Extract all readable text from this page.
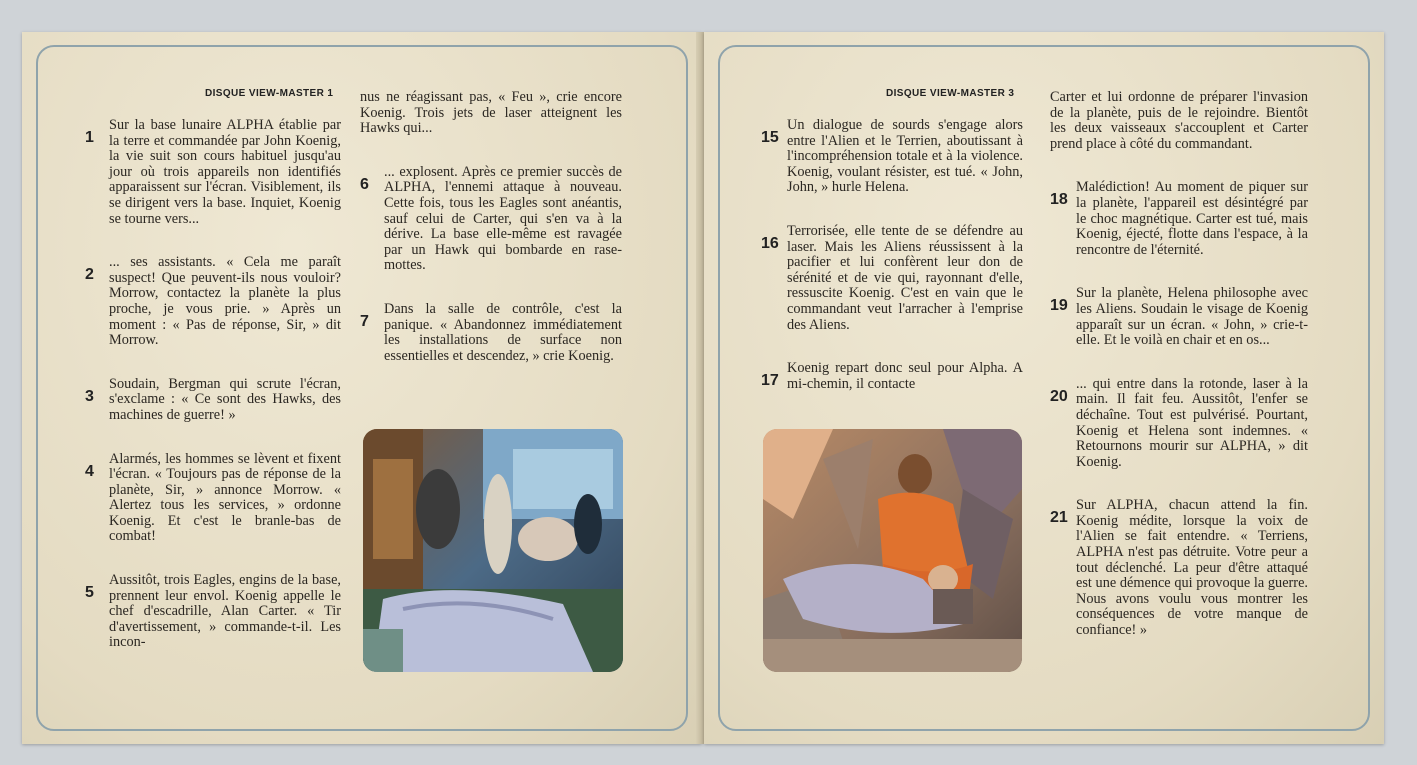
DISQUE VIEW-MASTER 1
1
Sur la base lunaire ALPHA établie par la terre et commandée par John Koenig, la vie suit son cours habituel jusqu'au jour où trois appareils non identifiés apparaissent sur l'écran. Visiblement, ils se dirigent vers la base. Inquiet, Koenig se tourne vers...
2
... ses assistants. « Cela me paraît suspect! Que peuvent-ils nous vouloir? Morrow, contactez la planète la plus proche, je vous prie. » Après un moment : « Pas de réponse, Sir, » dit Morrow.
3
Soudain, Bergman qui scrute l'écran, s'exclame : « Ce sont des Hawks, des machines de guerre! »
4
Alarmés, les hommes se lèvent et fixent l'écran. « Toujours pas de réponse de la planète, Sir, » annonce Morrow. « Alertez tous les services, » ordonne Koenig. Et c'est le branle-bas de combat!
5
Aussitôt, trois Eagles, engins de la base, prennent leur envol. Koenig appelle le chef d'escadrille, Alan Carter. « Tir d'avertissement, » commande-t-il. Les incon-
nus ne réagissant pas, « Feu », crie encore Koenig. Trois jets de laser atteignent les Hawks qui...
6
... explosent. Après ce premier succès de ALPHA, l'ennemi attaque à nouveau. Cette fois, tous les Eagles sont anéantis, sauf celui de Carter, qui s'en va à la dérive. La base elle-même est ravagée par un Hawk qui bombarde en rase-mottes.
7
Dans la salle de contrôle, c'est la panique. « Abandonnez immédiatement les installations de surface non essentielles et descendez, » crie Koenig.
DISQUE VIEW-MASTER 3
15
Un dialogue de sourds s'engage alors entre l'Alien et le Terrien, aboutissant à l'incompréhension totale et à la violence. Koenig, voulant résister, est tué. « John, John, » hurle Helena.
16
Terrorisée, elle tente de se défendre au laser. Mais les Aliens réussissent à la pacifier et lui confèrent leur don de sérénité et de vie qui, rayonnant d'elle, ressuscite Koenig. C'est en vain que le commandant veut l'arracher à l'emprise des Aliens.
17
Koenig repart donc seul pour Alpha. A mi-chemin, il contacte
Carter et lui ordonne de préparer l'invasion de la planète, puis de le rejoindre. Bientôt les deux vaisseaux s'accouplent et Carter prend place à côté du commandant.
18
Malédiction! Au moment de piquer sur la planète, l'appareil est désintégré par le choc magnétique. Carter est tué, mais Koenig, éjecté, flotte dans l'espace, à la rencontre de l'éternité.
19
Sur la planète, Helena philosophe avec les Aliens. Soudain le visage de Koenig apparaît sur un écran. « John, » crie-t-elle. Et le voilà en chair et en os...
20
... qui entre dans la rotonde, laser à la main. Il fait feu. Aussitôt, l'enfer se déchaîne. Tout est pulvérisé. Pourtant, Koenig et Helena sont indemnes. « Retournons mourir sur ALPHA, » dit Koenig.
21
Sur ALPHA, chacun attend la fin. Koenig médite, lorsque la voix de l'Alien se fait entendre. « Terriens, ALPHA n'est pas détruite. Votre peur a tout déclenché. La peur d'être attaqué est une démence qui provoque la guerre. Nous avons voulu vous montrer les conséquences de votre manque de confiance! »
